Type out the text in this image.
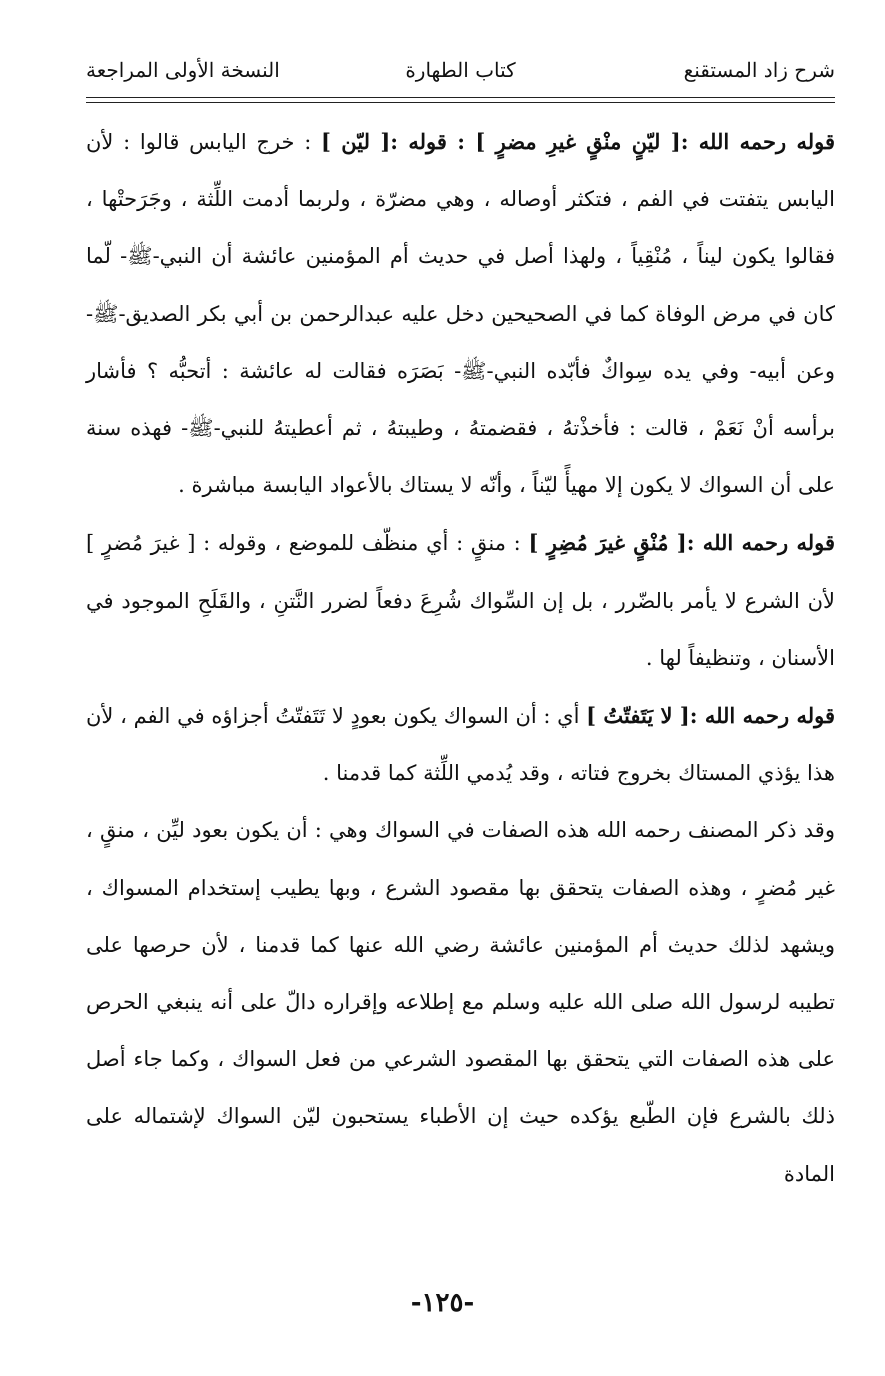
شرح زاد المستقنع
كتاب الطهارة
النسخة الأولى المراجعة

قوله رحمه الله :[ ليّنٍ منْقٍ غيرِ مضرٍ ] : قوله :[ ليّن ] : خرج اليابس قالوا : لأن اليابس يتفتت في الفم ، فتكثر أوصاله ، وهي مضرّة ، ولربما أدمت اللِّثة ، وجَرَحتْها ، فقالوا يكون ليناً ، مُنْقِياً ، ولهذا أصل في حديث أم المؤمنين عائشة أن النبي-ﷺ- لّما كان في مرض الوفاة كما في الصحيحين دخل عليه عبدالرحمن بن أبي بكر الصديق-ﷺ- وعن أبيه- وفي يده سِواكٌ فأبّده النبي-ﷺ- بَصَرَه فقالت له عائشة : أتحبُّه ؟ فأشار برأسه أنْ نَعَمْ ، قالت : فأخذْتهُ ، فقضمتهُ ، وطيبتهُ ، ثم أعطيتهُ للنبي-ﷺ- فهذه سنة على أن السواك لا يكون إلا مهيأً ليّناً ، وأنّه لا يستاك بالأعواد اليابسة مباشرة .

قوله رحمه الله :[ مُنْقٍ غيرَ مُضِرٍ ] : منقٍ : أي منظّف للموضع ، وقوله : [ غيرَ مُضرٍ ] لأن الشرع لا يأمر بالضّرر ، بل إن السِّواك شُرِعَ دفعاً لضرر النَّتنِ ، والقَلَحِ الموجود في الأسنان ، وتنظيفاً لها .

قوله رحمه الله :[ لا يَتَفتّتُ ] أي : أن السواك يكون بعودٍ لا تَتَفتّتُ أجزاؤه في الفم ، لأن هذا يؤذي المستاك بخروج فتاته ، وقد يُدمي اللِّثة كما قدمنا .

وقد ذكر المصنف رحمه الله هذه الصفات في السواك وهي : أن يكون بعود ليِّن ، منقٍ ، غير مُضرٍ ، وهذه الصفات يتحقق بها مقصود الشرع ، وبها يطيب إستخدام المسواك ، ويشهد لذلك حديث أم المؤمنين عائشة رضي الله عنها كما قدمنا ، لأن حرصها على تطيبه لرسول الله صلى الله عليه وسلم مع إطلاعه وإقراره دالّ على أنه ينبغي الحرص على هذه الصفات التي يتحقق بها المقصود الشرعي من فعل السواك ، وكما جاء أصل ذلك بالشرع فإن الطّبع يؤكده حيث إن الأطباء يستحبون ليّن السواك لإشتماله على المادة

-١٢٥-
